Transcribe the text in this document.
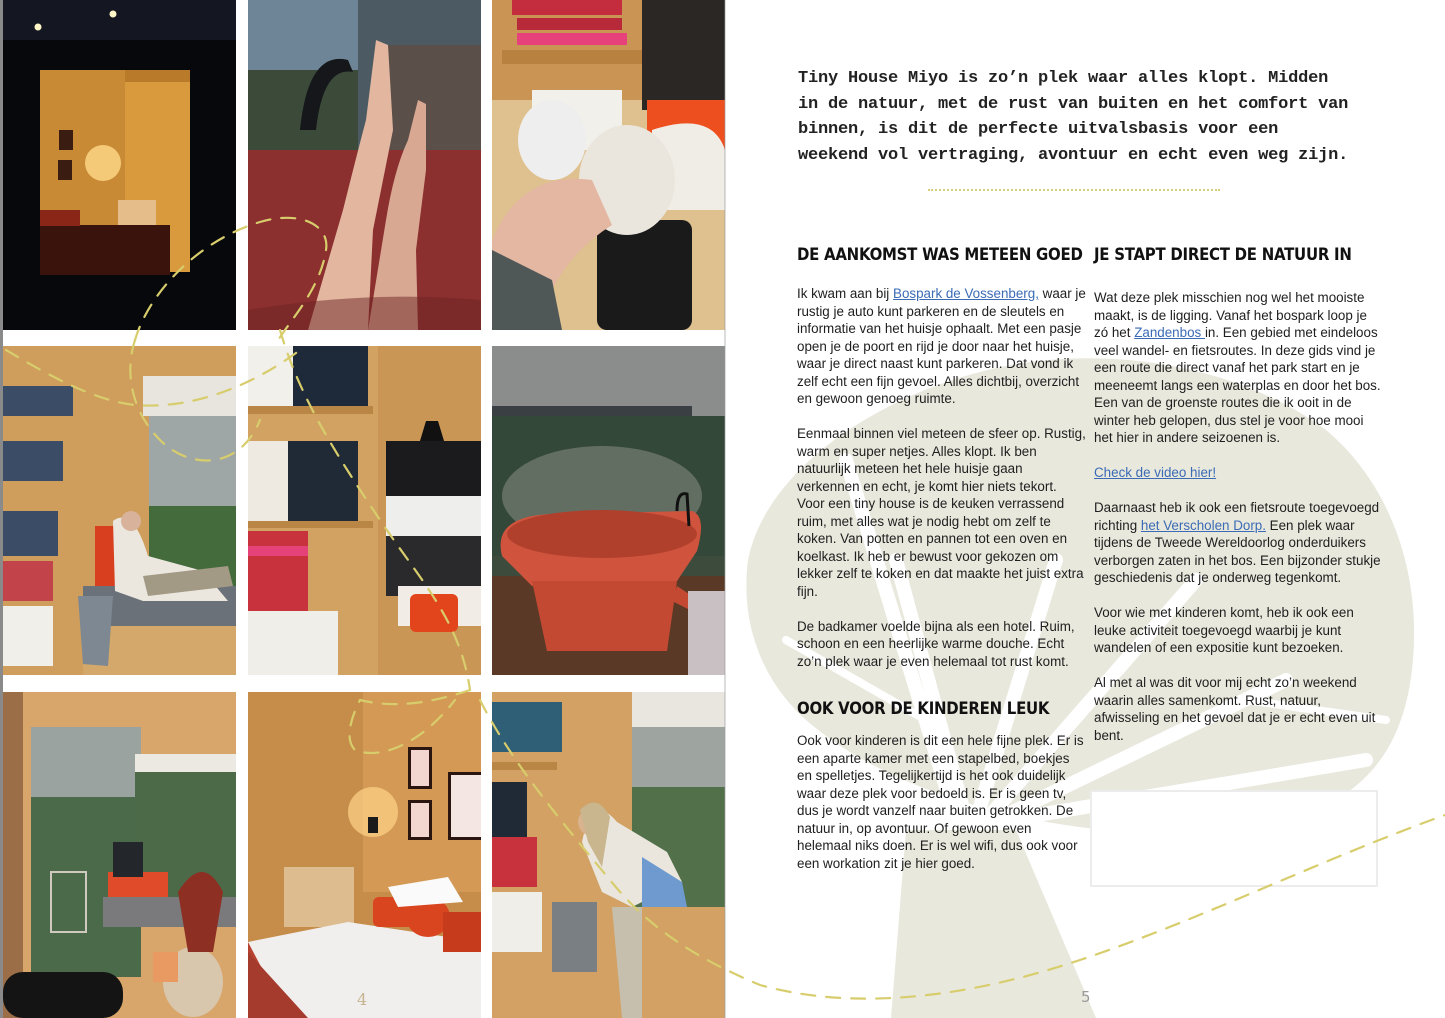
4
Tiny House Miyo is zo’n plek waar alles klopt. Midden in de natuur, met de rust van buiten en het comfort van binnen, is dit de perfecte uitvalsbasis voor een weekend vol vertraging, avontuur en echt even weg zijn.
DE AANKOMST WAS METEEN GOED

Ik kwam aan bij Bospark de Vossenberg, waar je rustig je auto kunt parkeren en de sleutels en informatie van het huisje ophaalt. Met een pasje open je de poort en rijd je door naar het huisje, waar je direct naast kunt parkeren. Dat vond ik zelf echt een fijn gevoel. Alles dichtbij, overzicht en gewoon genoeg ruimte.

Eenmaal binnen viel meteen de sfeer op. Rustig, warm en super netjes. Alles klopt. Ik ben natuurlijk meteen het hele huisje gaan verkennen en echt, je komt hier niets tekort. Voor een tiny house is de keuken verrassend ruim, met alles wat je nodig hebt om zelf te koken. Van potten en pannen tot een oven en koelkast. Ik heb er bewust voor gekozen om lekker zelf te koken en dat maakte het juist extra fijn.

De badkamer voelde bijna als een hotel. Ruim, schoon en een heerlijke warme douche. Echt zo’n plek waar je even helemaal tot rust komt.

OOK VOOR DE KINDEREN LEUK

Ook voor kinderen is dit een hele fijne plek. Er is een aparte kamer met een stapelbed, boekjes en spelletjes. Tegelijkertijd is het ook duidelijk waar deze plek voor bedoeld is. Er is geen tv, dus je wordt vanzelf naar buiten getrokken. De natuur in, op avontuur. Of gewoon even helemaal niks doen. Er is wel wifi, dus ook voor een workation zit je hier goed.

JE STAPT DIRECT DE NATUUR IN

Wat deze plek misschien nog wel het mooiste maakt, is de ligging. Vanaf het bospark loop je zó het Zandenbos in. Een gebied met eindeloos veel wandel- en fietsroutes. In deze gids vind je een route die direct vanaf het park start en je meeneemt langs een waterplas en door het bos. Een van de groenste routes die ik ooit in de winter heb gelopen, dus stel je voor hoe mooi het hier in andere seizoenen is.

Check de video hier!

Daarnaast heb ik ook een fietsroute toegevoegd richting het Verscholen Dorp. Een plek waar tijdens de Tweede Wereldoorlog onderduikers verborgen zaten in het bos. Een bijzonder stukje geschiedenis dat je onderweg tegenkomt.

Voor wie met kinderen komt, heb ik ook een leuke activiteit toegevoegd waarbij je kunt wandelen of een expositie kunt bezoeken.

Al met al was dit voor mij echt zo’n weekend waarin alles samenkomt. Rust, natuur, afwisseling en het gevoel dat je er echt even uit bent.

5
